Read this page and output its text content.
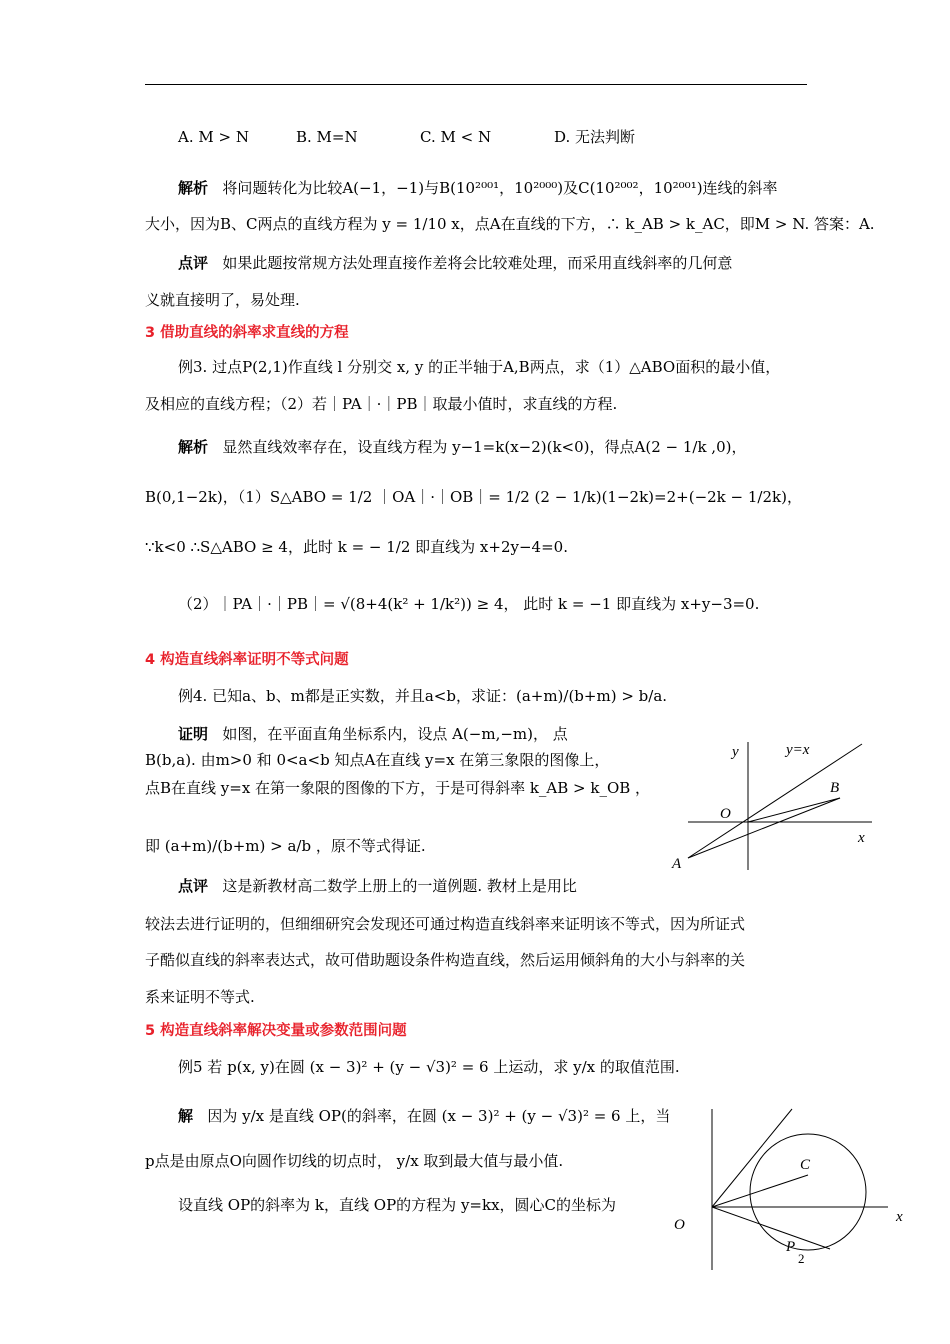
A. M > N	B. M=N	C. M < N	D. 无法判断
解析 将问题转化为比较A(−1，−1)与B(10²⁰⁰¹，10²⁰⁰⁰)及C(10²⁰⁰²，10²⁰⁰¹)连线的斜率
大小，因为B、C两点的直线方程为 y = 1/10 x，点A在直线的下方，∴ k_AB > k_AC，即M > N. 答案：A.
点评 如果此题按常规方法处理直接作差将会比较难处理，而采用直线斜率的几何意
义就直接明了，易处理.
3 借助直线的斜率求直线的方程
例3. 过点P(2,1)作直线 l 分别交 x, y 的正半轴于A,B两点，求（1）△ABO面积的最小值，
及相应的直线方程；（2）若｜PA｜·｜PB｜取最小值时，求直线的方程.
解析 显然直线效率存在，设直线方程为 y−1=k(x−2)(k<0)，得点A(2 − 1/k ,0)，
B(0,1−2k)，（1）S△ABO = 1/2 ｜OA｜·｜OB｜= 1/2 (2 − 1/k)(1−2k)=2+(−2k − 1/2k)，
∵k<0 ∴S△ABO ≥ 4，此时 k = − 1/2 即直线为 x+2y−4=0.
（2）｜PA｜·｜PB｜= √(8+4(k² + 1/k²)) ≥ 4， 此时 k = −1 即直线为 x+y−3=0.
4 构造直线斜率证明不等式问题
例4. 已知a、b、m都是正实数，并且a<b，求证：(a+m)/(b+m) > b/a.
证明 如图，在平面直角坐标系内，设点 A(−m,−m)， 点
B(b,a). 由m>0 和 0<a<b 知点A在直线 y=x 在第三象限的图像上，
点B在直线 y=x 在第一象限的图像的下方，于是可得斜率 k_AB > k_OB ，
即 (a+m)/(b+m) > a/b ，原不等式得证.
点评 这是新教材高二数学上册上的一道例题. 教材上是用比
较法去进行证明的，但细细研究会发现还可通过构造直线斜率来证明该不等式，因为所证式
子酷似直线的斜率表达式，故可借助题设条件构造直线，然后运用倾斜角的大小与斜率的关
系来证明不等式.
5 构造直线斜率解决变量或参数范围问题
例5 若 p(x, y)在圆 (x − 3)² + (y − √3)² = 6 上运动，求 y/x 的取值范围.
解 因为 y/x 是直线 OP(的斜率，在圆 (x − 3)² + (y − √3)² = 6 上，当
p点是由原点O向圆作切线的切点时， y/x 取到最大值与最小值.
设直线 OP的斜率为 k，直线 OP的方程为 y=kx，圆心C的坐标为
y	y=x
O
B
x
A
C
x
O
P
2
